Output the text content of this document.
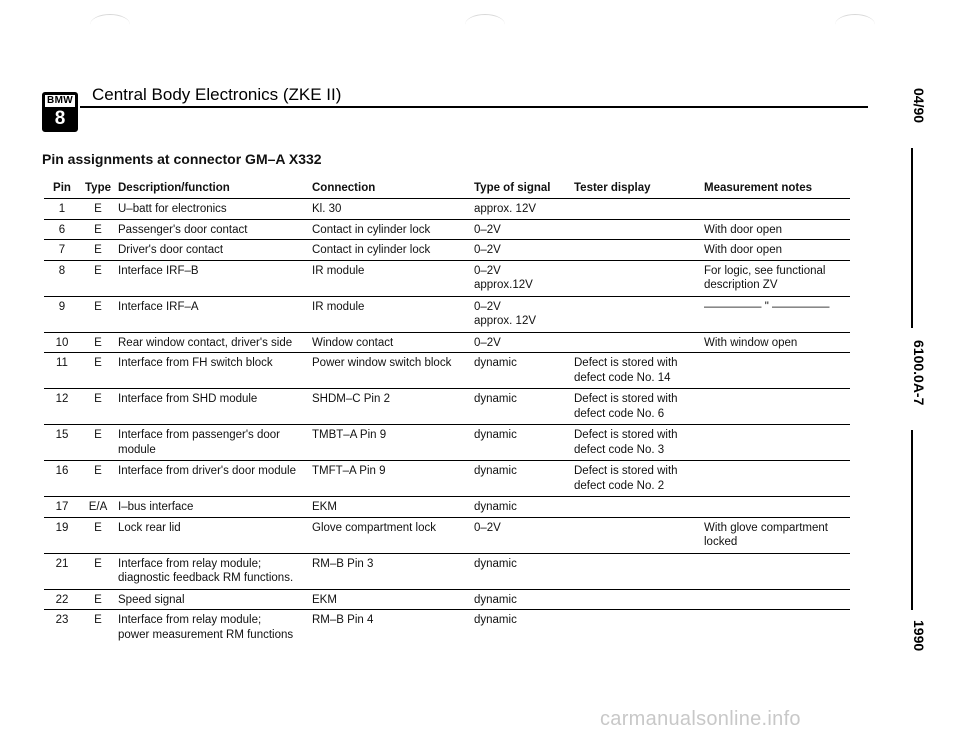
BMW
8
Central Body Electronics (ZKE II)
Pin assignments at connector GM–A X332
Pin	Type	Description/function	Connection	Type of signal	Tester display	Measurement notes
1	E	U–batt for electronics	Kl. 30	approx. 12V		
6	E	Passenger's door contact	Contact in cylinder lock	0–2V		With door open
7	E	Driver's door contact	Contact in cylinder lock	0–2V		With door open
8	E	Interface IRF–B	IR module	0–2V
approx.12V		For logic, see functional
description ZV
9	E	Interface IRF–A	IR module	0–2V
approx. 12V		————— " —————
10	E	Rear window contact, driver's side	Window contact	0–2V		With window open
11	E	Interface from FH switch block	Power window switch block	dynamic	Defect is stored with
defect code No. 14	
12	E	Interface from SHD module	SHDM–C Pin 2	dynamic	Defect is stored with
defect code No. 6	
15	E	Interface from passenger's door
module	TMBT–A Pin 9	dynamic	Defect is stored with
defect code No. 3	
16	E	Interface from driver's door module	TMFT–A Pin 9	dynamic	Defect is stored with
defect code No. 2	
17	E/A	I–bus interface	EKM	dynamic		
19	E	Lock rear lid	Glove compartment lock	0–2V		With glove compartment
locked
21	E	Interface from relay module;
diagnostic feedback RM functions.	RM–B Pin 3	dynamic		
22	E	Speed signal	EKM	dynamic		
23	E	Interface from relay module;
power measurement RM functions	RM–B Pin 4	dynamic		
04/90
6100.0A-7
1990
carmanualsonline.info
